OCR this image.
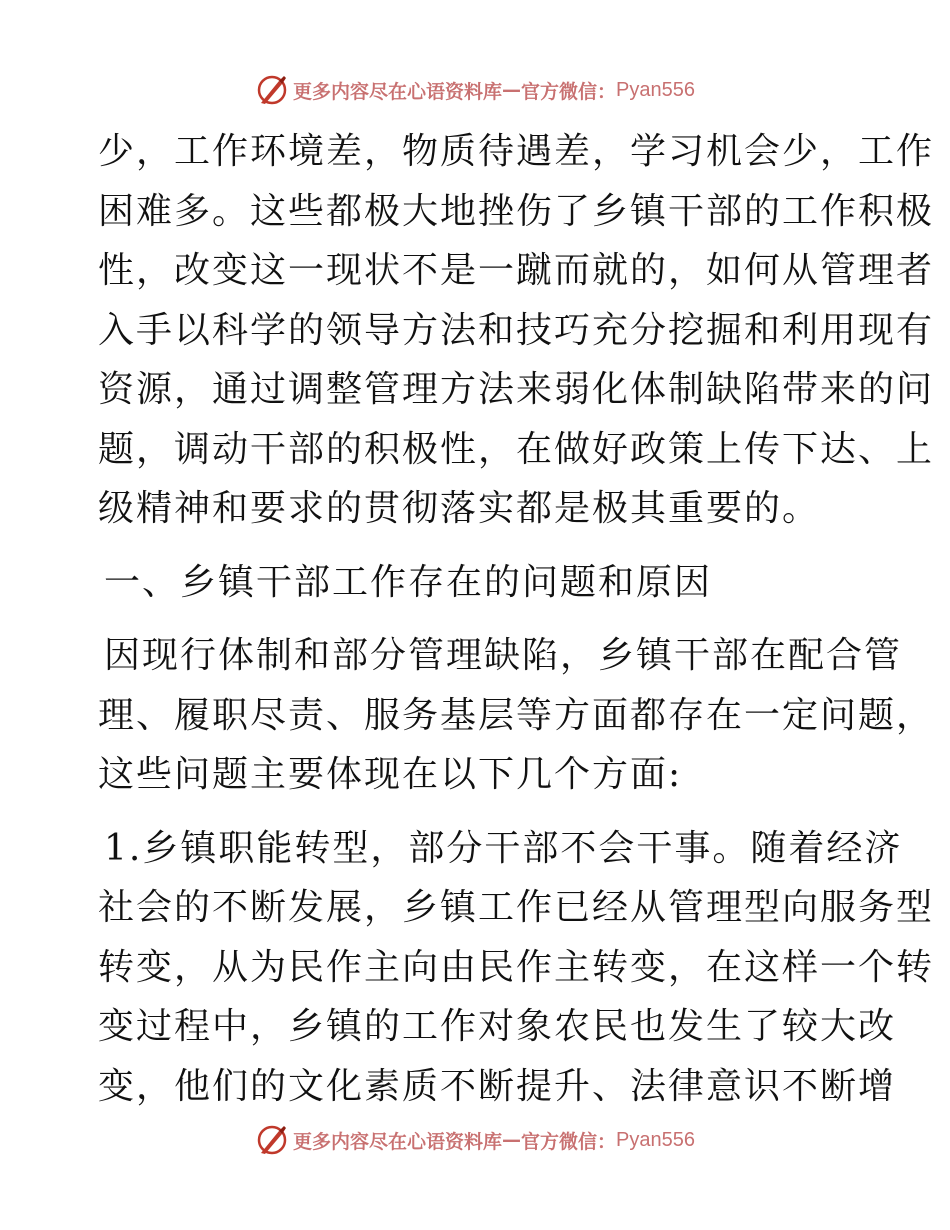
更多内容尽在心语资料库 — 官方微信： Pyan556
少，工作环境差，物质待遇差，学习机会少，工作
困难多。这些都极大地挫伤了乡镇干部的工作积极
性，改变这一现状不是一蹴而就的，如何从管理者
入手以科学的领导方法和技巧充分挖掘和利用现有
资源，通过调整管理方法来弱化体制缺陷带来的问
题，调动干部的积极性，在做好政策上传下达、上
级精神和要求的贯彻落实都是极其重要的。
一、乡镇干部工作存在的问题和原因
因现行体制和部分管理缺陷，乡镇干部在配合管
理、履职尽责、服务基层等方面都存在一定问题，
这些问题主要体现在以下几个方面:
1.乡镇职能转型，部分干部不会干事。随着经济
社会的不断发展，乡镇工作已经从管理型向服务型
转变，从为民作主向由民作主转变，在这样一个转
变过程中，乡镇的工作对象农民也发生了较大改
变，他们的文化素质不断提升、法律意识不断增
更多内容尽在心语资料库 — 官方微信： Pyan556
